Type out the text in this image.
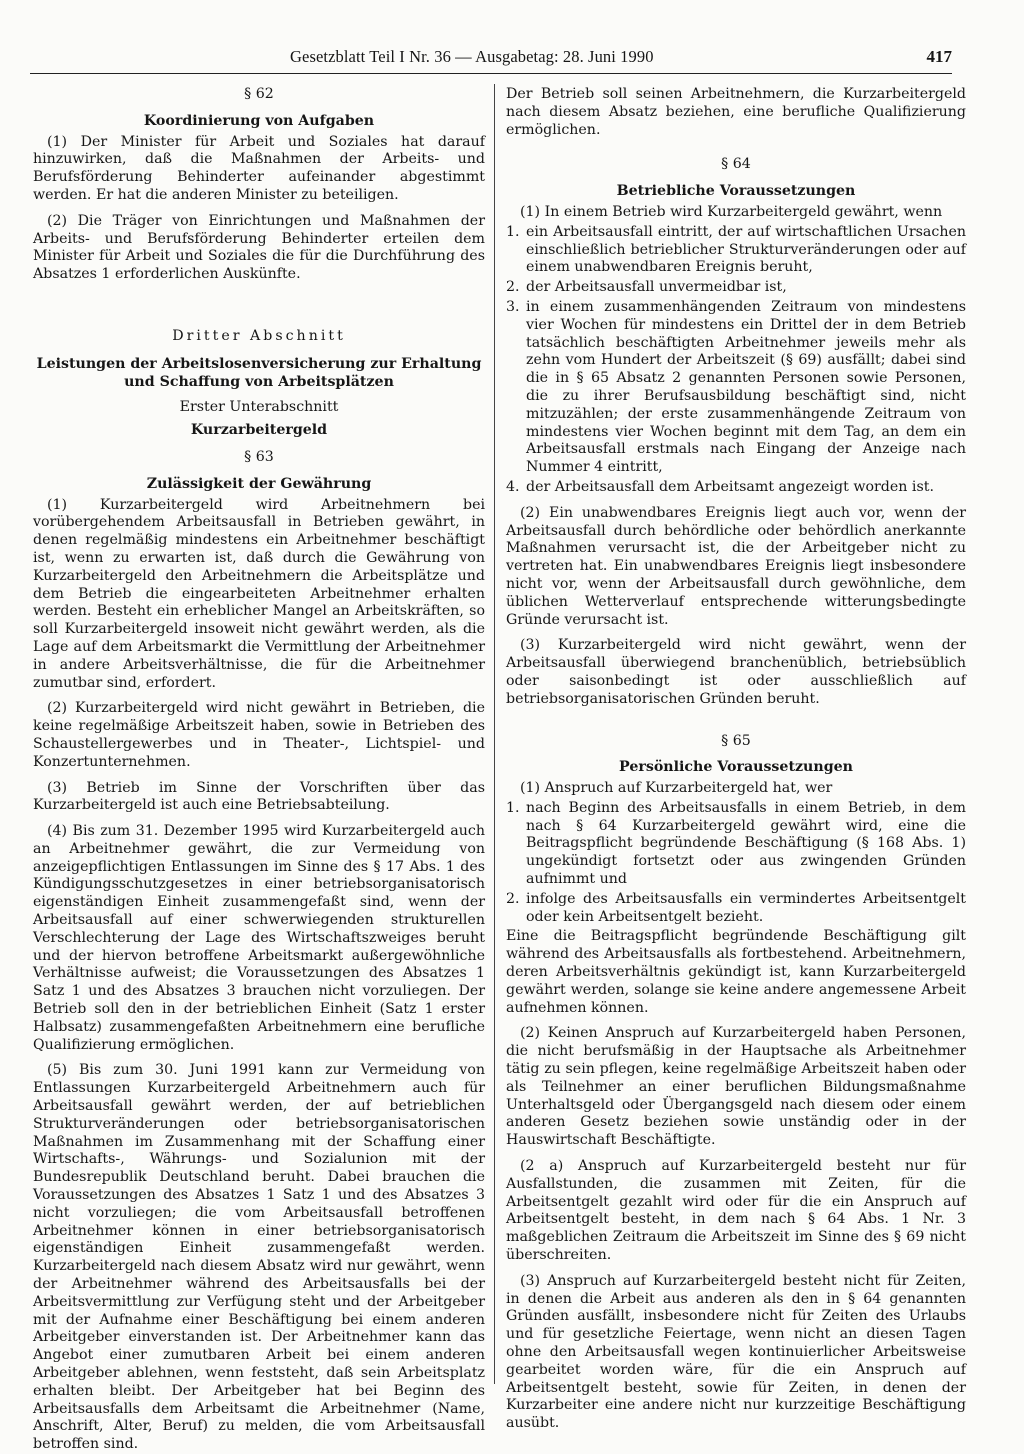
Gesetzblatt Teil I Nr. 36 — Ausgabetag: 28. Juni 1990	417
§ 62
Koordinierung von Aufgaben

(1) Der Minister für Arbeit und Soziales hat darauf hinzuwirken, daß die Maßnahmen der Arbeits- und Berufsförderung Behinderter aufeinander abgestimmt werden. Er hat die anderen Minister zu beteiligen.

(2) Die Träger von Einrichtungen und Maßnahmen der Arbeits- und Berufsförderung Behinderter erteilen dem Minister für Arbeit und Soziales die für die Durchführung des Absatzes 1 erforderlichen Auskünfte.

Dritter Abschnitt
Leistungen der Arbeitslosenversicherung zur Erhaltung und Schaffung von Arbeitsplätzen
Erster Unterabschnitt
Kurzarbeitergeld
§ 63
Zulässigkeit der Gewährung

(1) Kurzarbeitergeld wird Arbeitnehmern bei vorübergehendem Arbeitsausfall in Betrieben gewährt, in denen regelmäßig mindestens ein Arbeitnehmer beschäftigt ist, wenn zu erwarten ist, daß durch die Gewährung von Kurzarbeitergeld den Arbeitnehmern die Arbeitsplätze und dem Betrieb die eingearbeiteten Arbeitnehmer erhalten werden. Besteht ein erheblicher Mangel an Arbeitskräften, so soll Kurzarbeitergeld insoweit nicht gewährt werden, als die Lage auf dem Arbeitsmarkt die Vermittlung der Arbeitnehmer in andere Arbeitsverhältnisse, die für die Arbeitnehmer zumutbar sind, erfordert.

(2) Kurzarbeitergeld wird nicht gewährt in Betrieben, die keine regelmäßige Arbeitszeit haben, sowie in Betrieben des Schaustellergewerbes und in Theater-, Lichtspiel- und Konzertunternehmen.

(3) Betrieb im Sinne der Vorschriften über das Kurzarbeitergeld ist auch eine Betriebsabteilung.

(4) Bis zum 31. Dezember 1995 wird Kurzarbeitergeld auch an Arbeitnehmer gewährt, die zur Vermeidung von anzeigepflichtigen Entlassungen im Sinne des § 17 Abs. 1 des Kündigungsschutzgesetzes in einer betriebsorganisatorisch eigenständigen Einheit zusammengefaßt sind, wenn der Arbeitsausfall auf einer schwerwiegenden strukturellen Verschlechterung der Lage des Wirtschaftszweiges beruht und der hiervon betroffene Arbeitsmarkt außergewöhnliche Verhältnisse aufweist; die Voraussetzungen des Absatzes 1 Satz 1 und des Absatzes 3 brauchen nicht vorzuliegen. Der Betrieb soll den in der betrieblichen Einheit (Satz 1 erster Halbsatz) zusammengefaßten Arbeitnehmern eine berufliche Qualifizierung ermöglichen.

(5) Bis zum 30. Juni 1991 kann zur Vermeidung von Entlassungen Kurzarbeitergeld Arbeitnehmern auch für Arbeitsausfall gewährt werden, der auf betrieblichen Strukturveränderungen oder betriebsorganisatorischen Maßnahmen im Zusammenhang mit der Schaffung einer Wirtschafts-, Währungs- und Sozialunion mit der Bundesrepublik Deutschland beruht. Dabei brauchen die Voraussetzungen des Absatzes 1 Satz 1 und des Absatzes 3 nicht vorzuliegen; die vom Arbeitsausfall betroffenen Arbeitnehmer können in einer betriebsorganisatorisch eigenständigen Einheit zusammengefaßt werden. Kurzarbeitergeld nach diesem Absatz wird nur gewährt, wenn der Arbeitnehmer während des Arbeitsausfalls bei der Arbeitsvermittlung zur Verfügung steht und der Arbeitgeber mit der Aufnahme einer Beschäftigung bei einem anderen Arbeitgeber einverstanden ist. Der Arbeitnehmer kann das Angebot einer zumutbaren Arbeit bei einem anderen Arbeitgeber ablehnen, wenn feststeht, daß sein Arbeitsplatz erhalten bleibt. Der Arbeitgeber hat bei Beginn des Arbeitsausfalls dem Arbeitsamt die Arbeitnehmer (Name, Anschrift, Alter, Beruf) zu melden, die vom Arbeitsausfall betroffen sind.

Der Betrieb soll seinen Arbeitnehmern, die Kurzarbeitergeld nach diesem Absatz beziehen, eine berufliche Qualifizierung ermöglichen.

§ 64
Betriebliche Voraussetzungen

(1) In einem Betrieb wird Kurzarbeitergeld gewährt, wenn

1. ein Arbeitsausfall eintritt, der auf wirtschaftlichen Ursachen einschließlich betrieblicher Strukturveränderungen oder auf einem unabwendbaren Ereignis beruht,
2. der Arbeitsausfall unvermeidbar ist,
3. in einem zusammenhängenden Zeitraum von mindestens vier Wochen für mindestens ein Drittel der in dem Betrieb tatsächlich beschäftigten Arbeitnehmer jeweils mehr als zehn vom Hundert der Arbeitszeit (§ 69) ausfällt; dabei sind die in § 65 Absatz 2 genannten Personen sowie Personen, die zu ihrer Berufsausbildung beschäftigt sind, nicht mitzuzählen; der erste zusammenhängende Zeitraum von mindestens vier Wochen beginnt mit dem Tag, an dem ein Arbeitsausfall erstmals nach Eingang der Anzeige nach Nummer 4 eintritt,
4. der Arbeitsausfall dem Arbeitsamt angezeigt worden ist.

(2) Ein unabwendbares Ereignis liegt auch vor, wenn der Arbeitsausfall durch behördliche oder behördlich anerkannte Maßnahmen verursacht ist, die der Arbeitgeber nicht zu vertreten hat. Ein unabwendbares Ereignis liegt insbesondere nicht vor, wenn der Arbeitsausfall durch gewöhnliche, dem üblichen Wetterverlauf entsprechende witterungsbedingte Gründe verursacht ist.

(3) Kurzarbeitergeld wird nicht gewährt, wenn der Arbeitsausfall überwiegend branchenüblich, betriebsüblich oder saisonbedingt ist oder ausschließlich auf betriebsorganisatorischen Gründen beruht.

§ 65
Persönliche Voraussetzungen

(1) Anspruch auf Kurzarbeitergeld hat, wer

1. nach Beginn des Arbeitsausfalls in einem Betrieb, in dem nach § 64 Kurzarbeitergeld gewährt wird, eine die Beitragspflicht begründende Beschäftigung (§ 168 Abs. 1) ungekündigt fortsetzt oder aus zwingenden Gründen aufnimmt und
2. infolge des Arbeitsausfalls ein vermindertes Arbeitsentgelt oder kein Arbeitsentgelt bezieht.

Eine die Beitragspflicht begründende Beschäftigung gilt während des Arbeitsausfalls als fortbestehend. Arbeitnehmern, deren Arbeitsverhältnis gekündigt ist, kann Kurzarbeitergeld gewährt werden, solange sie keine andere angemessene Arbeit aufnehmen können.

(2) Keinen Anspruch auf Kurzarbeitergeld haben Personen, die nicht berufsmäßig in der Hauptsache als Arbeitnehmer tätig zu sein pflegen, keine regelmäßige Arbeitszeit haben oder als Teilnehmer an einer beruflichen Bildungsmaßnahme Unterhaltsgeld oder Übergangsgeld nach diesem oder einem anderen Gesetz beziehen sowie unständig oder in der Hauswirtschaft Beschäftigte.

(2 a) Anspruch auf Kurzarbeitergeld besteht nur für Ausfallstunden, die zusammen mit Zeiten, für die Arbeitsentgelt gezahlt wird oder für die ein Anspruch auf Arbeitsentgelt besteht, in dem nach § 64 Abs. 1 Nr. 3 maßgeblichen Zeitraum die Arbeitszeit im Sinne des § 69 nicht überschreiten.

(3) Anspruch auf Kurzarbeitergeld besteht nicht für Zeiten, in denen die Arbeit aus anderen als den in § 64 genannten Gründen ausfällt, insbesondere nicht für Zeiten des Urlaubs und für gesetzliche Feiertage, wenn nicht an diesen Tagen ohne den Arbeitsausfall wegen kontinuierlicher Arbeitsweise gearbeitet worden wäre, für die ein Anspruch auf Arbeitsentgelt besteht, sowie für Zeiten, in denen der Kurzarbeiter eine andere nicht nur kurzzeitige Beschäftigung ausübt.
